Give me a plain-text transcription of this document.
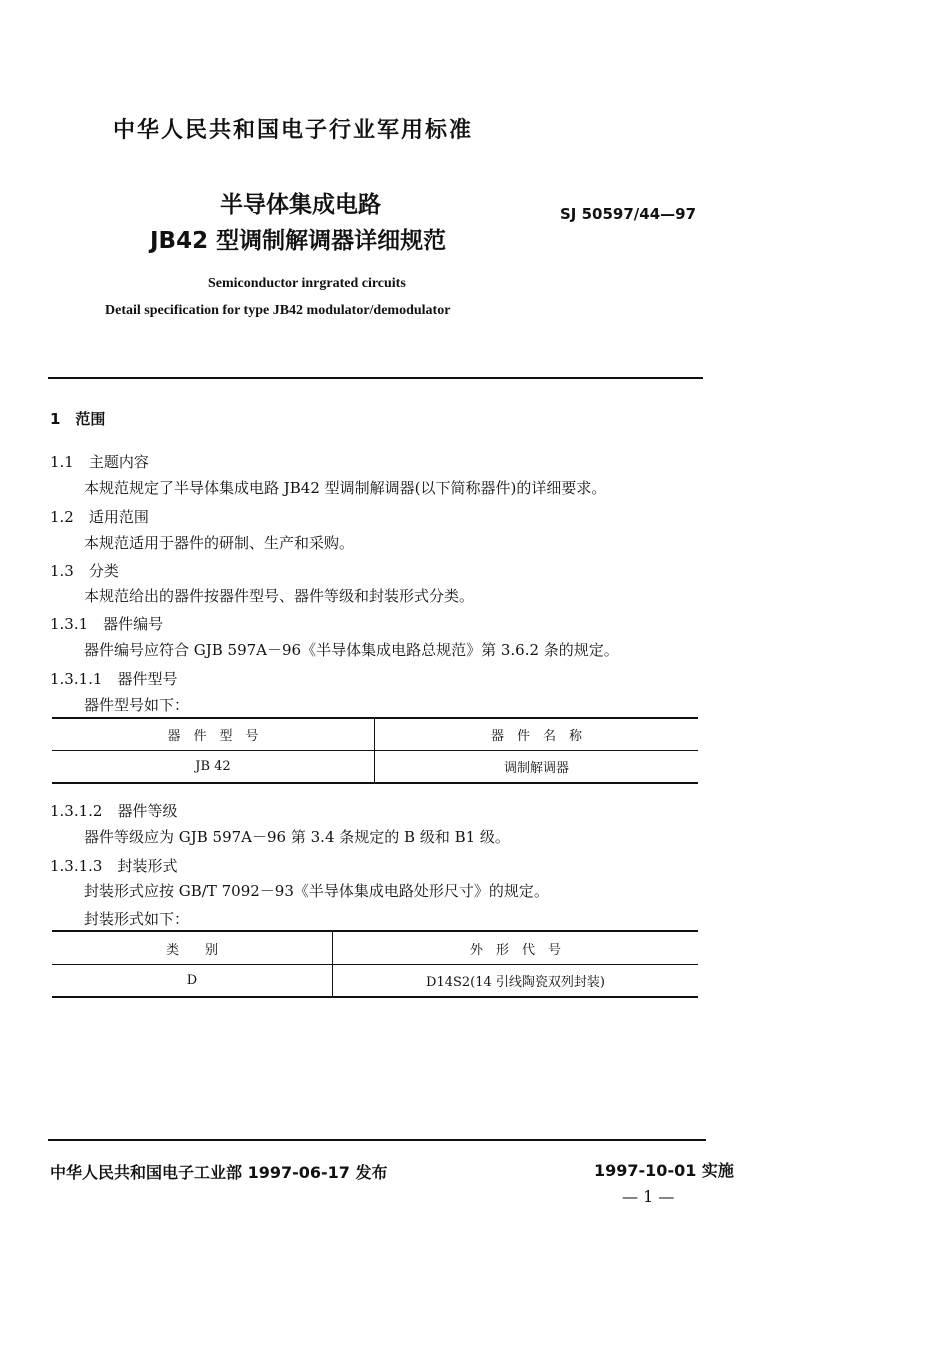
中华人民共和国电子行业军用标准
半导体集成电路
JB42 型调制解调器详细规范
SJ 50597/44—97
Semiconductor inrgrated circuits
Detail specification for type JB42 modulator/demodulator
1　范围
1.1　主题内容
本规范规定了半导体集成电路 JB42 型调制解调器(以下简称器件)的详细要求。
1.2　适用范围
本规范适用于器件的研制、生产和采购。
1.3　分类
本规范给出的器件按器件型号、器件等级和封装形式分类。
1.3.1　器件编号
器件编号应符合 GJB 597A－96《半导体集成电路总规范》第 3.6.2 条的规定。
1.3.1.1　器件型号
器件型号如下：
器　件　型　号	器　件　名　称
JB 42	调制解调器
1.3.1.2　器件等级
器件等级应为 GJB 597A－96 第 3.4 条规定的 B 级和 B1 级。
1.3.1.3　封装形式
封装形式应按 GB/T 7092－93《半导体集成电路处形尺寸》的规定。
封装形式如下：
类　　别	外　形　代　号
D	D14S2(14 引线陶瓷双列封装)
中华人民共和国电子工业部 1997-06-17 发布	1997-10-01 实施
— 1 —
